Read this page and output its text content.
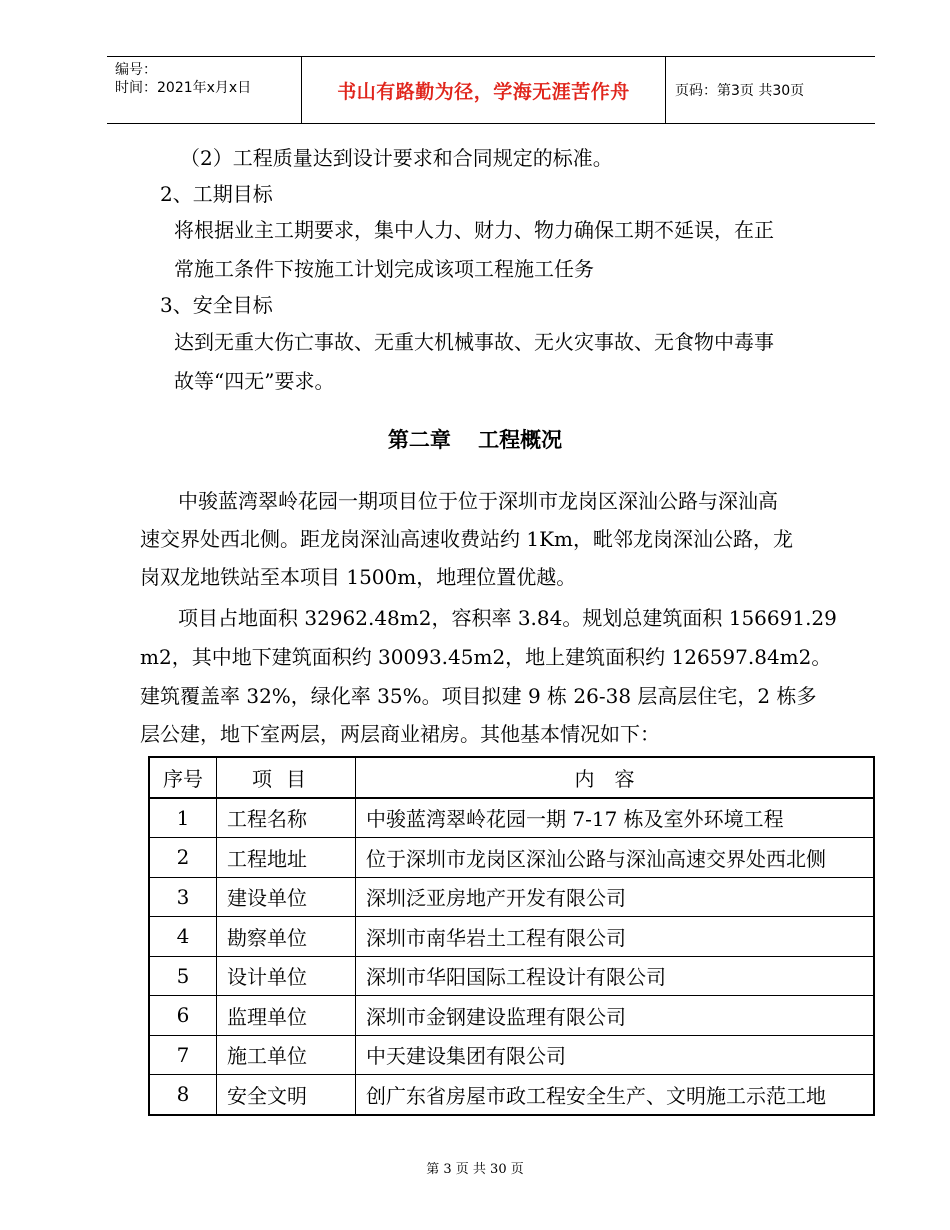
编号：
时间：2021年x月x日	书山有路勤为径，学海无涯苦作舟	页码：第3页 共30页
（2）工程质量达到设计要求和合同规定的标准。
2、工期目标
将根据业主工期要求，集中人力、财力、物力确保工期不延误，在正
常施工条件下按施工计划完成该项工程施工任务
3、安全目标
达到无重大伤亡事故、无重大机械事故、无火灾事故、无食物中毒事
故等“四无”要求。
第二章 工程概况
中骏蓝湾翠岭花园一期项目位于位于深圳市龙岗区深汕公路与深汕高
速交界处西北侧。距龙岗深汕高速收费站约 1Km，毗邻龙岗深汕公路，龙
岗双龙地铁站至本项目 1500m，地理位置优越。
项目占地面积 32962.48m2，容积率 3.84。规划总建筑面积 156691.29
m2，其中地下建筑面积约 30093.45m2，地上建筑面积约 126597.84m2。
建筑覆盖率 32%，绿化率 35%。项目拟建 9 栋 26-38 层高层住宅，2 栋多
层公建，地下室两层，两层商业裙房。其他基本情况如下：
序号	项目	内容
1	工程名称	中骏蓝湾翠岭花园一期 7-17 栋及室外环境工程
2	工程地址	位于深圳市龙岗区深汕公路与深汕高速交界处西北侧
3	建设单位	深圳泛亚房地产开发有限公司
4	勘察单位	深圳市南华岩土工程有限公司
5	设计单位	深圳市华阳国际工程设计有限公司
6	监理单位	深圳市金钢建设监理有限公司
7	施工单位	中天建设集团有限公司
8	安全文明	创广东省房屋市政工程安全生产、文明施工示范工地
第 3 页 共 30 页
